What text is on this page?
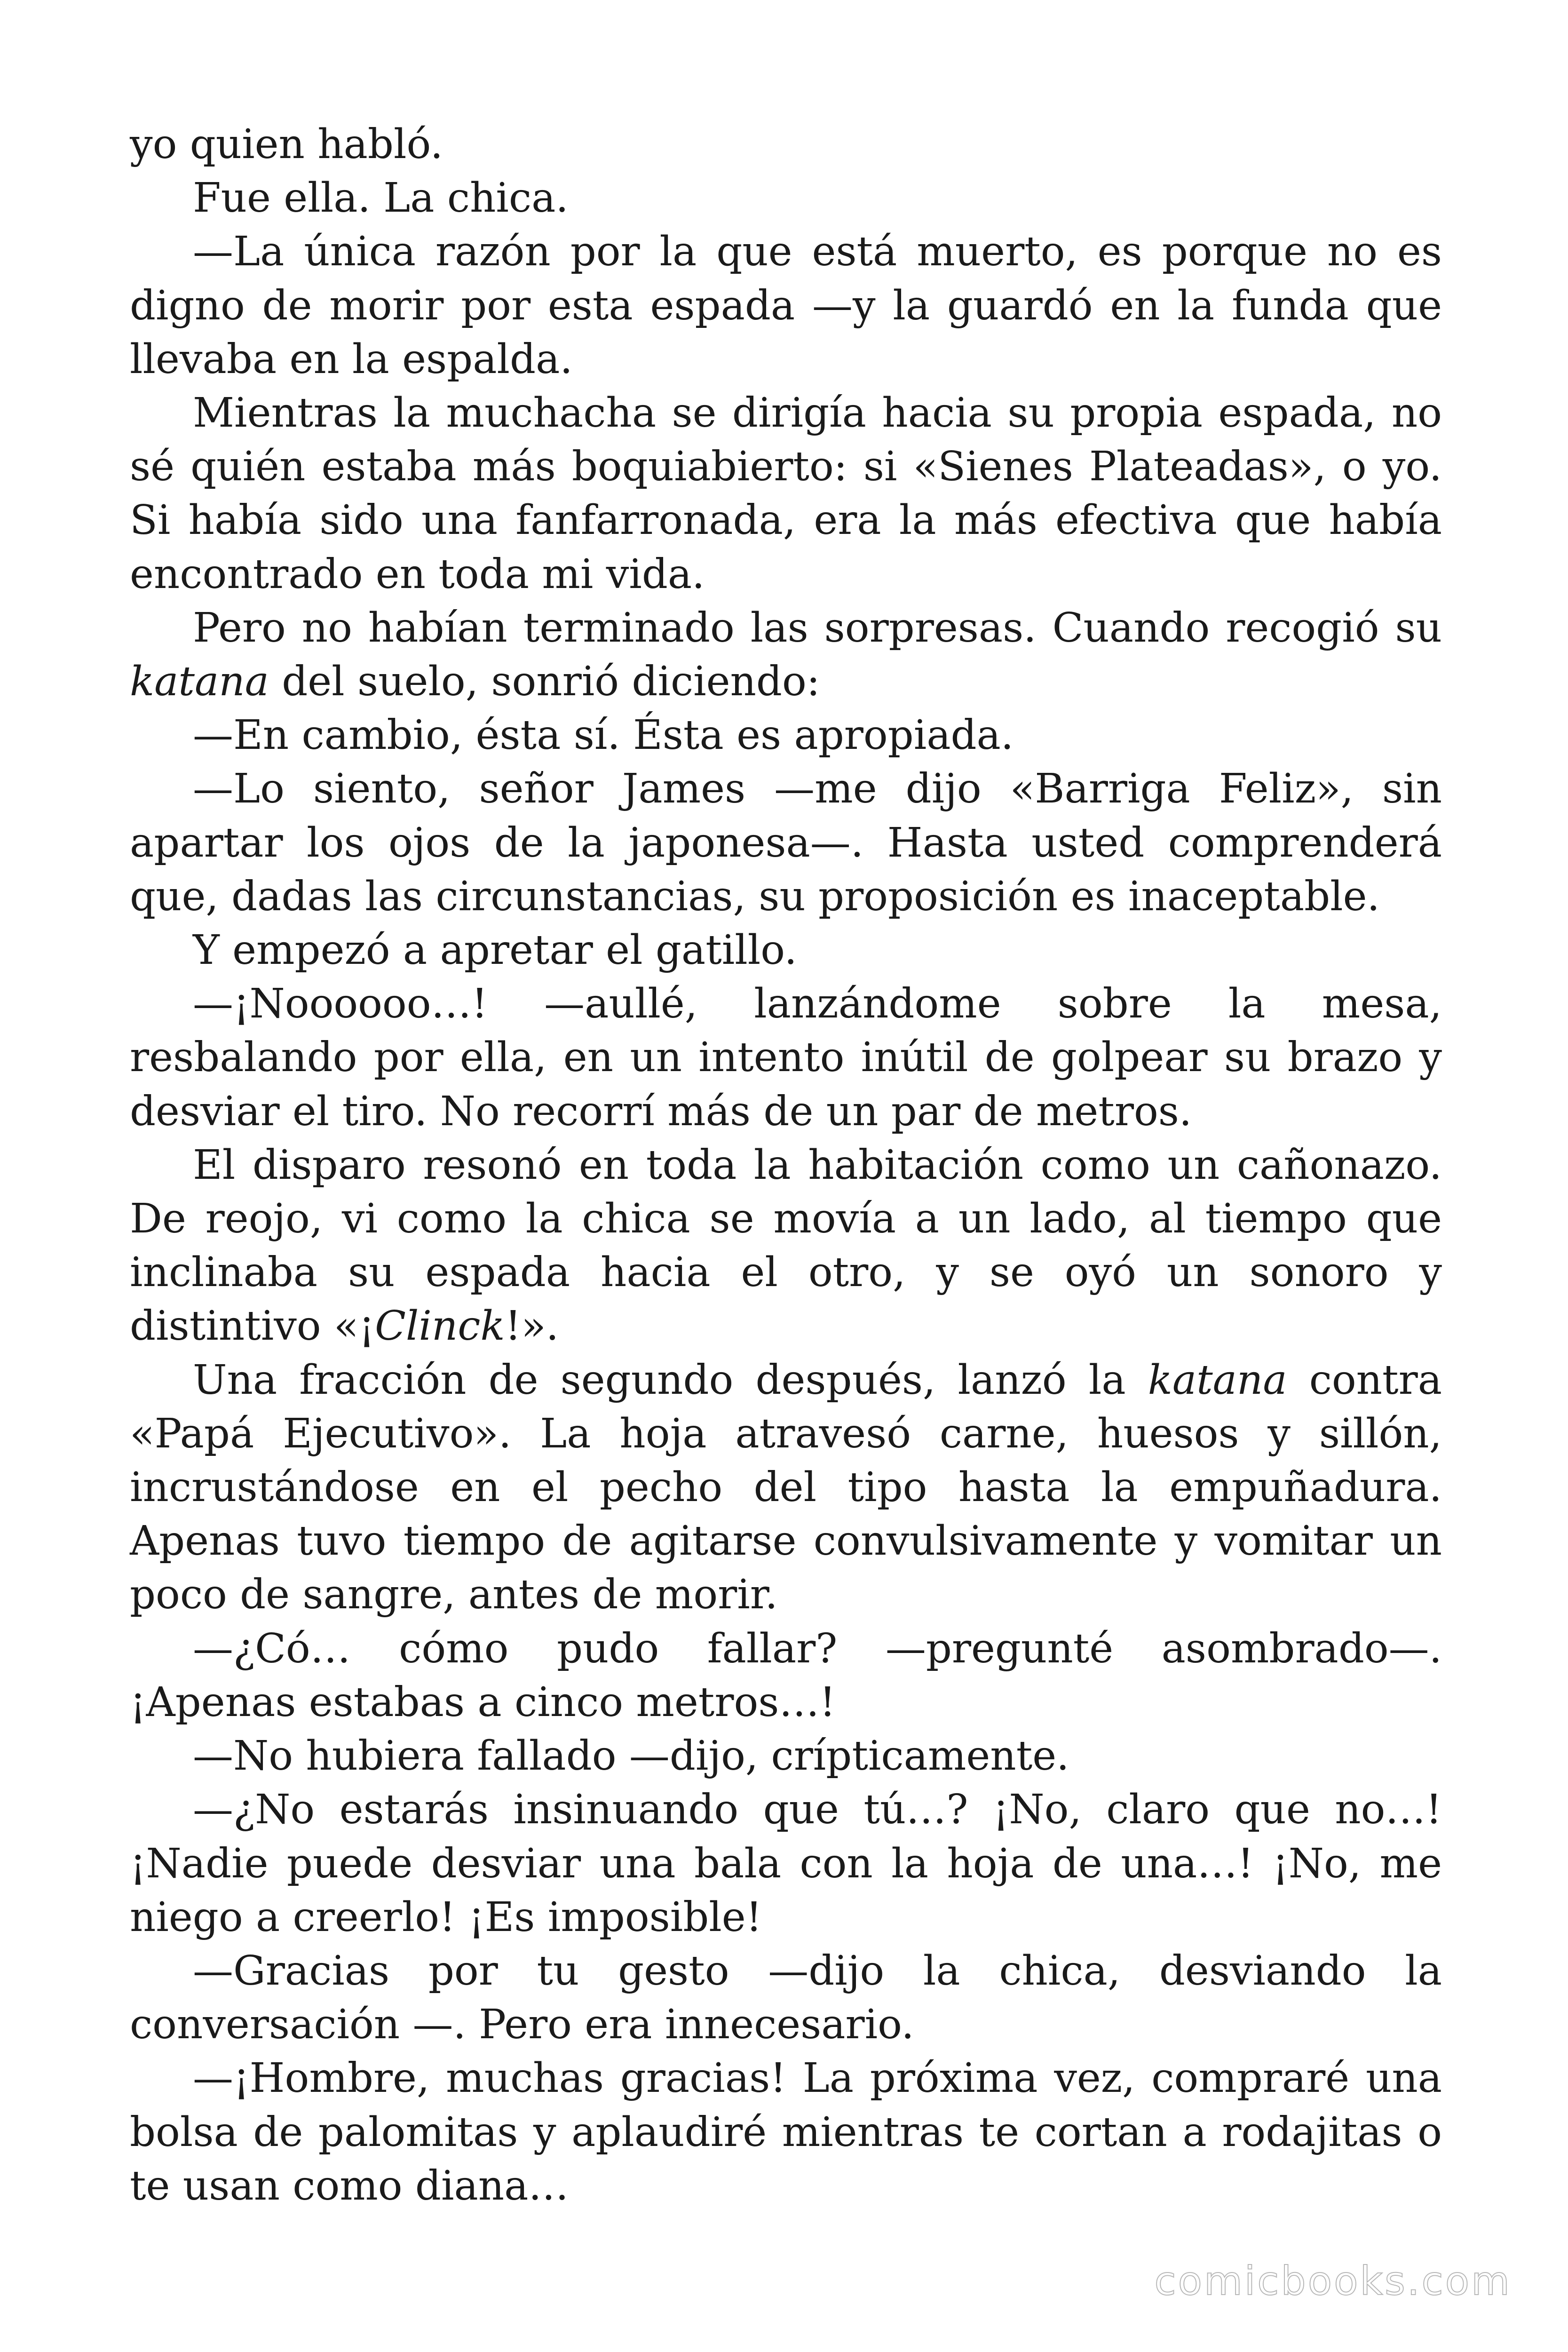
yo quien habló.

Fue ella. La chica.

—La única razón por la que está muerto, es porque no es digno de morir por esta espada —y la guardó en la funda que llevaba en la espalda.

Mientras la muchacha se dirigía hacia su propia espada, no sé quién estaba más boquiabierto: si «Sienes Plateadas», o yo. Si había sido una fanfarronada, era la más efectiva que había encontrado en toda mi vida.

Pero no habían terminado las sorpresas. Cuando recogió su katana del suelo, sonrió diciendo:

—En cambio, ésta sí. Ésta es apropiada.

—Lo siento, señor James —me dijo «Barriga Feliz», sin apartar los ojos de la japonesa—. Hasta usted comprenderá que, dadas las circunstancias, su proposición es inaceptable.

Y empezó a apretar el gatillo.

—¡Noooooo…! —aullé, lanzándome sobre la mesa, resbalando por ella, en un intento inútil de golpear su brazo y desviar el tiro. No recorrí más de un par de metros.

El disparo resonó en toda la habitación como un cañonazo. De reojo, vi como la chica se movía a un lado, al tiempo que inclinaba su espada hacia el otro, y se oyó un sonoro y distintivo «¡Clinck!».

Una fracción de segundo después, lanzó la katana contra «Papá Ejecutivo». La hoja atravesó carne, huesos y sillón, incrustándose en el pecho del tipo hasta la empuñadura. Apenas tuvo tiempo de agitarse convulsivamente y vomitar un poco de sangre, antes de morir.

—¿Có… cómo pudo fallar? —pregunté asombrado—. ¡Apenas estabas a cinco metros…!

—No hubiera fallado —dijo, crípticamente.

—¿No estarás insinuando que tú…? ¡No, claro que no…! ¡Nadie puede desviar una bala con la hoja de una…! ¡No, me niego a creerlo! ¡Es imposible!

—Gracias por tu gesto —dijo la chica, desviando la conversación —. Pero era innecesario.

—¡Hombre, muchas gracias! La próxima vez, compraré una bolsa de palomitas y aplaudiré mientras te cortan a rodajitas o te usan como diana…

comicbooks.com
